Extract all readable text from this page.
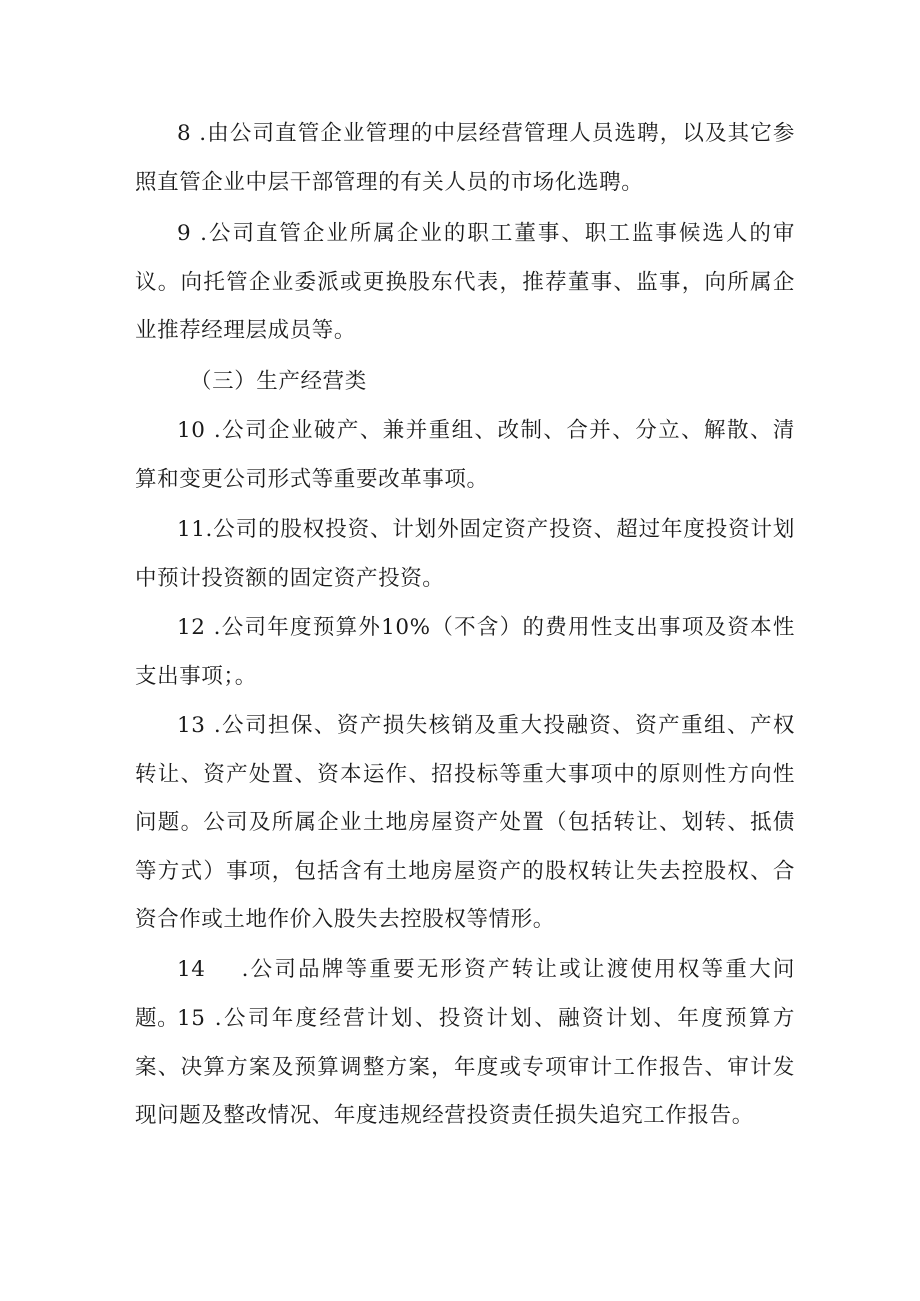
8 .由公司直管企业管理的中层经营管理人员选聘，以及其它参照直管企业中层干部管理的有关人员的市场化选聘。

9 .公司直管企业所属企业的职工董事、职工监事候选人的审议。向托管企业委派或更换股东代表，推荐董事、监事，向所属企业推荐经理层成员等。

（三）生产经营类

10 .公司企业破产、兼并重组、改制、合并、分立、解散、清算和变更公司形式等重要改革事项。

11.公司的股权投资、计划外固定资产投资、超过年度投资计划中预计投资额的固定资产投资。

12 .公司年度预算外10%（不含）的费用性支出事项及资本性支出事项；。

13 .公司担保、资产损失核销及重大投融资、资产重组、产权转让、资产处置、资本运作、招投标等重大事项中的原则性方向性问题。公司及所属企业土地房屋资产处置（包括转让、划转、抵债等方式）事项，包括含有土地房屋资产的股权转让失去控股权、合资合作或土地作价入股失去控股权等情形。

14 .公司品牌等重要无形资产转让或让渡使用权等重大问题。

15 .公司年度经营计划、投资计划、融资计划、年度预算方案、决算方案及预算调整方案，年度或专项审计工作报告、审计发现问题及整改情况、年度违规经营投资责任损失追究工作报告。
